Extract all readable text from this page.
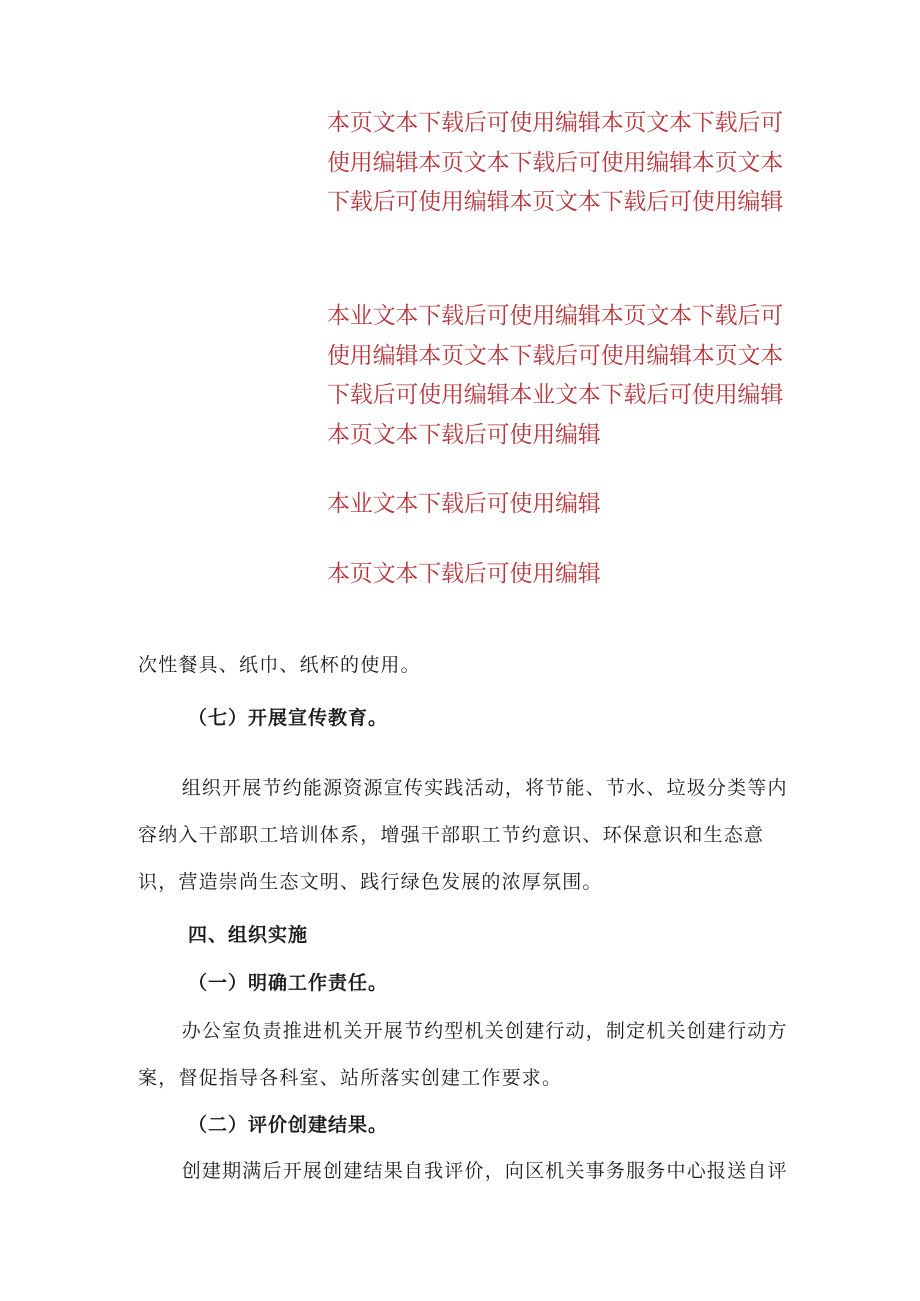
本页文本下载后可使用编辑本页文本下载后可使用编辑本页文本下载后可使用编辑本页文本下载后可使用编辑本页文本下载后可使用编辑

本业文本下载后可使用编辑本页文本下载后可使用编辑本页文本下载后可使用编辑本页文本下载后可使用编辑本业文本下载后可使用编辑本页文本下载后可使用编辑

本业文本下载后可使用编辑

本页文本下载后可使用编辑

次性餐具、纸巾、纸杯的使用。

（七）开展宣传教育。

组织开展节约能源资源宣传实践活动，将节能、节水、垃圾分类等内容纳入干部职工培训体系，增强干部职工节约意识、环保意识和生态意识，营造崇尚生态文明、践行绿色发展的浓厚氛围。

四、组织实施

（一）明确工作责任。

办公室负责推进机关开展节约型机关创建行动，制定机关创建行动方案，督促指导各科室、站所落实创建工作要求。

（二）评价创建结果。

创建期满后开展创建结果自我评价，向区机关事务服务中心报送自评
